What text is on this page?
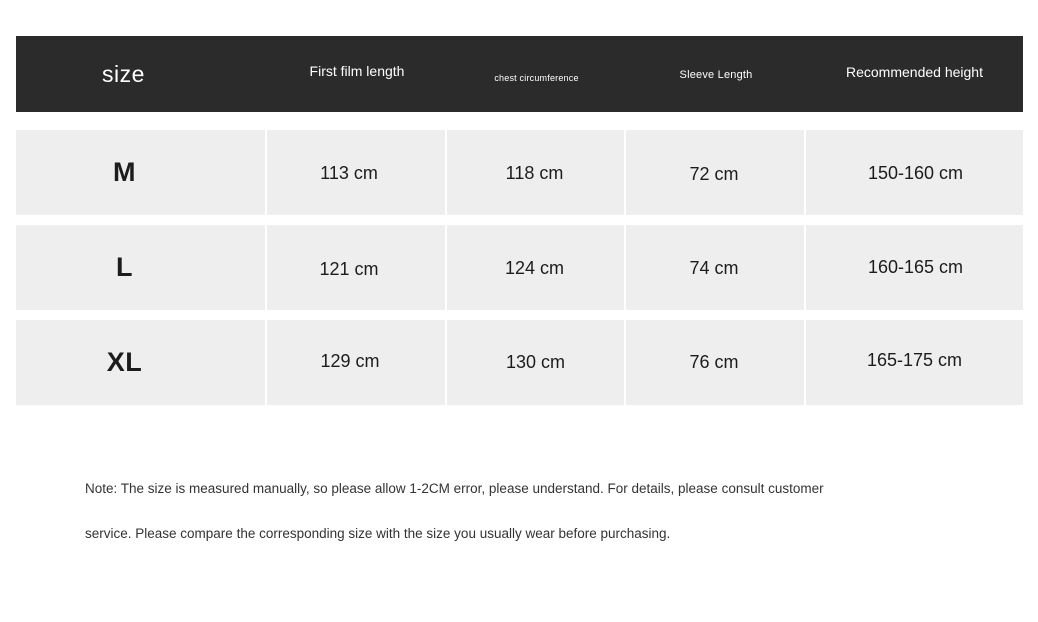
size	First film length	chest circumference	Sleeve Length	Recommended height

M	113 cm	118 cm	72 cm	150-160 cm

L	121 cm	124 cm	74 cm	160-165 cm

XL	129 cm	130 cm	76 cm	165-175 cm

Note: The size is measured manually, so please allow 1-2CM error, please understand. For details, please consult customer

service. Please compare the corresponding size with the size you usually wear before purchasing.
